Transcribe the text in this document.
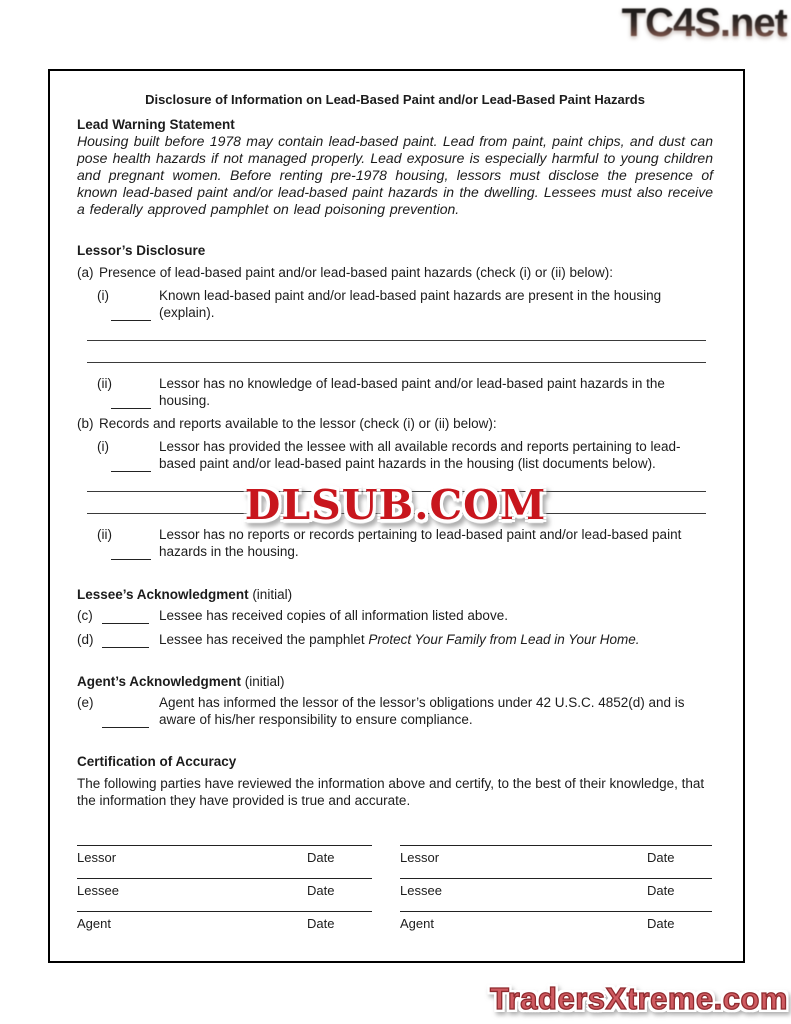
TC4S.net
Disclosure of Information on Lead-Based Paint and/or Lead-Based Paint Hazards
Lead Warning Statement

Housing built before 1978 may contain lead-based paint. Lead from paint, paint chips, and dust can pose health hazards if not managed properly. Lead exposure is especially harmful to young children and pregnant women. Before renting pre-1978 housing, lessors must disclose the presence of known lead-based paint and/or lead-based paint hazards in the dwelling. Lessees must also receive a federally approved pamphlet on lead poisoning prevention.

Lessor’s Disclosure
(a) Presence of lead-based paint and/or lead-based paint hazards (check (i) or (ii) below):
(i)	Known lead-based paint and/or lead-based paint hazards are present in the housing (explain).
(ii)	Lessor has no knowledge of lead-based paint and/or lead-based paint hazards in the housing.
(b) Records and reports available to the lessor (check (i) or (ii) below):
(i)	Lessor has provided the lessee with all available records and reports pertaining to lead-based paint and/or lead-based paint hazards in the housing (list documents below).
(ii)	Lessor has no reports or records pertaining to lead-based paint and/or lead-based paint hazards in the housing.
Lessee’s Acknowledgment (initial)
(c)	Lessee has received copies of all information listed above.
(d)	Lessee has received the pamphlet Protect Your Family from Lead in Your Home.
Agent’s Acknowledgment (initial)
(e)	Agent has informed the lessor of the lessor’s obligations under 42 U.S.C. 4852(d) and is aware of his/her responsibility to ensure compliance.
Certification of Accuracy

The following parties have reviewed the information above and certify, to the best of their knowledge, that the information they have provided is true and accurate.

Lessor	Date	Lessor	Date
Lessee	Date	Lessee	Date
Agent	Date	Agent	Date
DLSUB.COM
TradersXtreme.com
